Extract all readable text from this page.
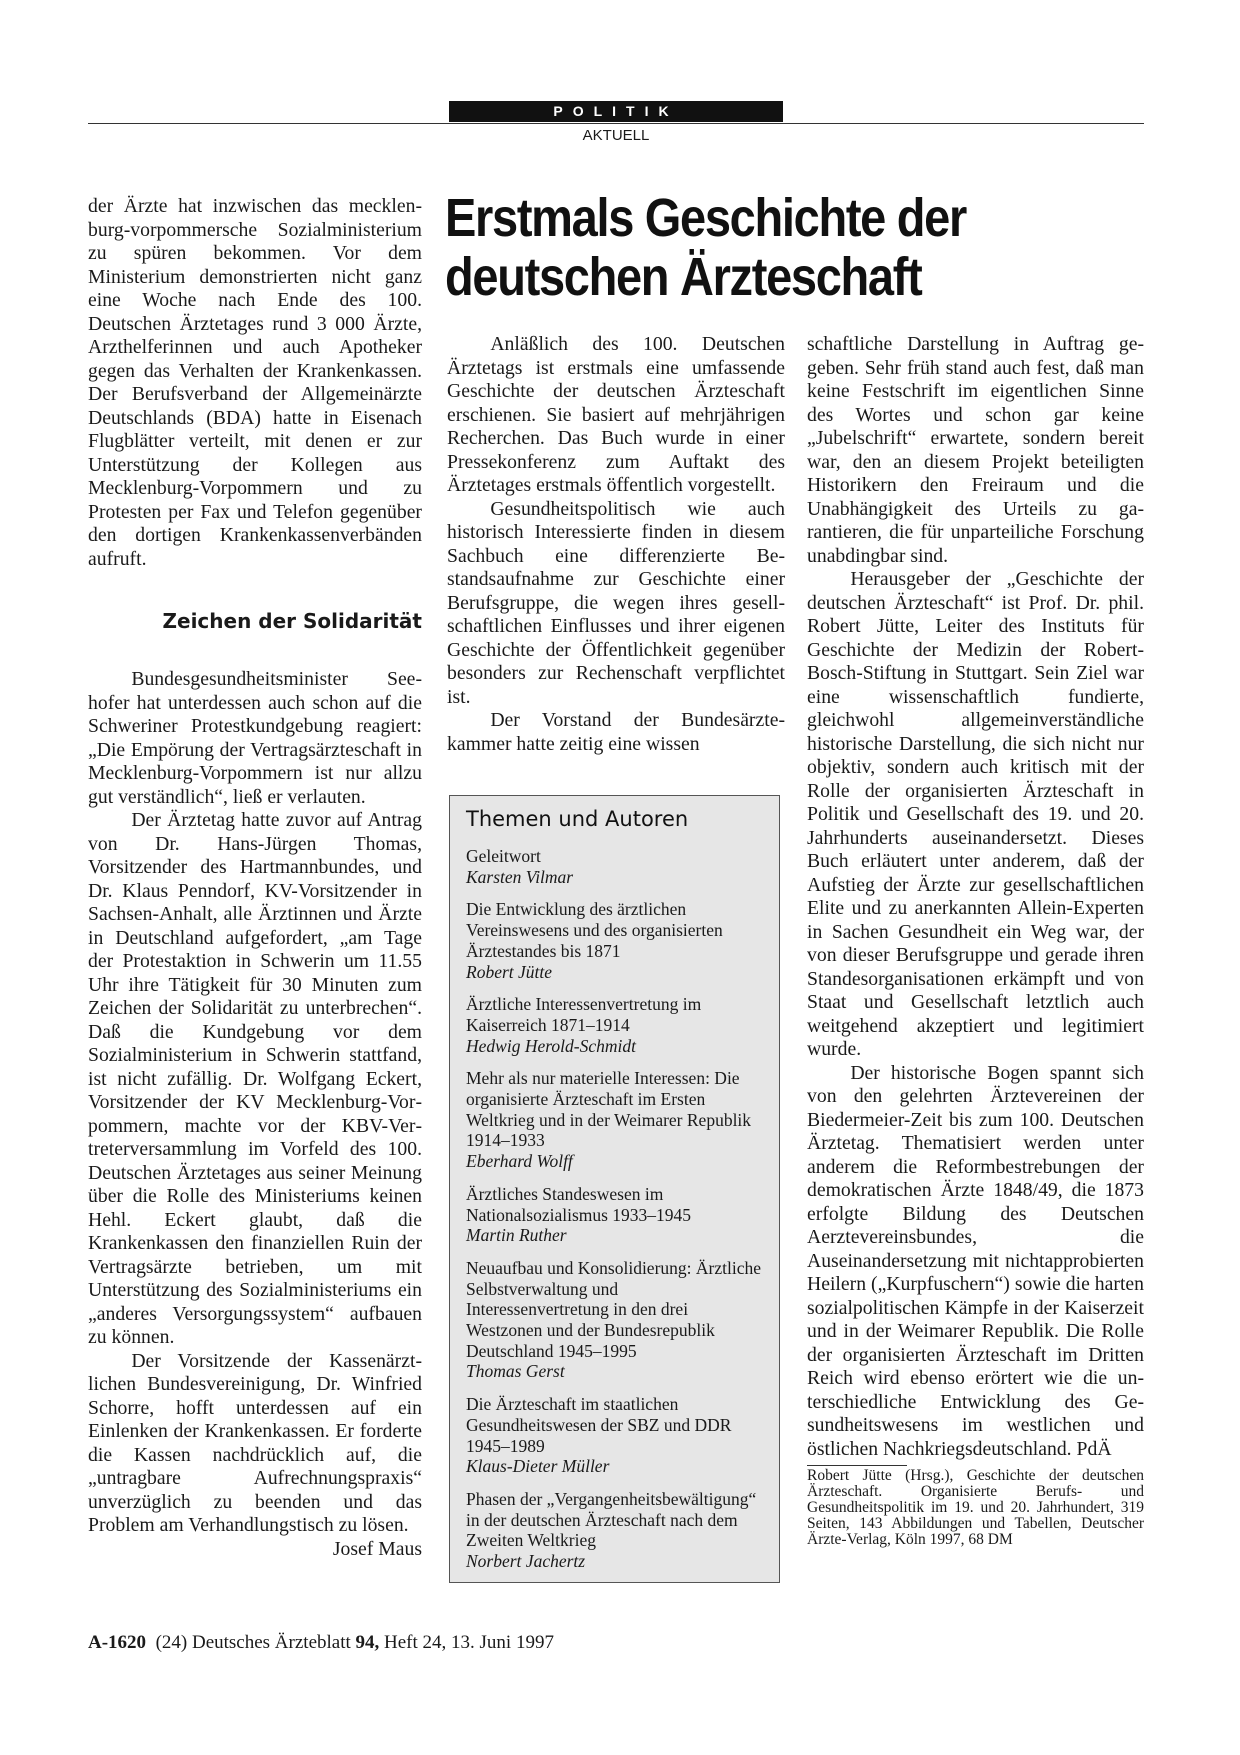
POLITIK
AKTUELL
Erstmals Geschichte der
deutschen Ärzteschaft

der Ärzte hat inzwischen das mecklenburg-vorpommersche Sozialministerium zu spüren bekommen. Vor dem Ministerium demonstrierten nicht ganz eine Woche nach Ende des 100. Deutschen Ärztetages rund 3 000 Ärzte, Arzthelferinnen und auch Apotheker gegen das Verhalten der Krankenkassen. Der Berufsverband der Allgemeinärzte Deutschlands (BDA) hatte in Eisenach Flugblätter verteilt, mit denen er zur Unterstützung der Kollegen aus Mecklenburg-Vorpommern und zu Protesten per Fax und Telefon gegenüber den dortigen Krankenkassenverbänden aufruft.

Zeichen der Solidarität

Bundesgesundheitsminister Seehofer hat unterdessen auch schon auf die Schweriner Protestkundgebung reagiert: „Die Empörung der Vertragsärzteschaft in Mecklenburg-Vorpommern ist nur allzu gut verständlich“, ließ er verlauten.

Der Ärztetag hatte zuvor auf Antrag von Dr. Hans-Jürgen Thomas, Vorsitzender des Hartmannbundes, und Dr. Klaus Penndorf, KV-Vorsitzender in Sachsen-Anhalt, alle Ärztinnen und Ärzte in Deutschland aufgefordert, „am Tage der Protestaktion in Schwerin um 11.55 Uhr ihre Tätigkeit für 30 Minuten zum Zeichen der Solidarität zu unterbrechen“. Daß die Kundgebung vor dem Sozialministerium in Schwerin stattfand, ist nicht zufällig. Dr. Wolfgang Eckert, Vorsitzender der KV Mecklenburg-Vorpommern, machte vor der KBV-Vertreterversammlung im Vorfeld des 100. Deutschen Ärztetages aus seiner Meinung über die Rolle des Ministeriums keinen Hehl. Eckert glaubt, daß die Krankenkassen den finanziellen Ruin der Vertragsärzte betrieben, um mit Unterstützung des Sozialministeriums ein „anderes Versorgungssystem“ aufbauen zu können.

Der Vorsitzende der Kassenärztlichen Bundesvereinigung, Dr. Winfried Schorre, hofft unterdessen auf ein Einlenken der Krankenkassen. Er forderte die Kassen nachdrücklich auf, die „untragbare Aufrechnungspraxis“ unverzüglich zu beenden und das Problem am Verhandlungstisch zu lösen.
Josef Maus

Anläßlich des 100. Deutschen Ärztetags ist erstmals eine umfassende Geschichte der deutschen Ärzteschaft erschienen. Sie basiert auf mehrjährigen Recherchen. Das Buch wurde in einer Pressekonferenz zum Auftakt des Ärztetages erstmals öffentlich vorgestellt.

Gesundheitspolitisch wie auch historisch Interessierte finden in diesem Sachbuch eine differenzierte Bestandsaufnahme zur Geschichte einer Berufsgruppe, die wegen ihres gesellschaftlichen Einflusses und ihrer eigenen Geschichte der Öffentlichkeit gegenüber besonders zur Rechenschaft verpflichtet ist.

Der Vorstand der Bundesärztekammer hatte zeitig eine wissen

Themen und Autoren
Geleitwort
Karsten Vilmar
Die Entwicklung des ärztlichen Vereinswesens und des organisierten Ärztestandes bis 1871
Robert Jütte
Ärztliche Interessenvertretung im Kaiserreich 1871–1914
Hedwig Herold-Schmidt
Mehr als nur materielle Interessen: Die organisierte Ärzteschaft im Ersten Weltkrieg und in der Weimarer Republik 1914–1933
Eberhard Wolff
Ärztliches Standeswesen im Nationalsozialismus 1933–1945
Martin Ruther
Neuaufbau und Konsolidierung: Ärztliche Selbstverwaltung und Interessenvertretung in den drei Westzonen und der Bundesrepublik Deutschland 1945–1995
Thomas Gerst
Die Ärzteschaft im staatlichen Gesundheitswesen der SBZ und DDR 1945–1989
Klaus-Dieter Müller
Phasen der „Vergangenheitsbewältigung“ in der deutschen Ärzteschaft nach dem Zweiten Weltkrieg
Norbert Jachertz

schaftliche Darstellung in Auftrag gegeben. Sehr früh stand auch fest, daß man keine Festschrift im eigentlichen Sinne des Wortes und schon gar keine „Jubelschrift“ erwartete, sondern bereit war, den an diesem Projekt beteiligten Historikern den Freiraum und die Unabhängigkeit des Urteils zu garantieren, die für unparteiliche Forschung unabdingbar sind.

Herausgeber der „Geschichte der deutschen Ärzteschaft“ ist Prof. Dr. phil. Robert Jütte, Leiter des Instituts für Geschichte der Medizin der Robert-Bosch-Stiftung in Stuttgart. Sein Ziel war eine wissenschaftlich fundierte, gleichwohl allgemeinverständliche historische Darstellung, die sich nicht nur objektiv, sondern auch kritisch mit der Rolle der organisierten Ärzteschaft in Politik und Gesellschaft des 19. und 20. Jahrhunderts auseinandersetzt. Dieses Buch erläutert unter anderem, daß der Aufstieg der Ärzte zur gesellschaftlichen Elite und zu anerkannten Allein-Experten in Sachen Gesundheit ein Weg war, der von dieser Berufsgruppe und gerade ihren Standesorganisationen erkämpft und von Staat und Gesellschaft letztlich auch weitgehend akzeptiert und legitimiert wurde.

Der historische Bogen spannt sich von den gelehrten Ärztevereinen der Biedermeier-Zeit bis zum 100. Deutschen Ärztetag. Thematisiert werden unter anderem die Reformbestrebungen der demokratischen Ärzte 1848/49, die 1873 erfolgte Bildung des Deutschen Aerztevereinsbundes, die Auseinandersetzung mit nichtapprobierten Heilern („Kurpfuschern“) sowie die harten sozialpolitischen Kämpfe in der Kaiserzeit und in der Weimarer Republik. Die Rolle der organisierten Ärzteschaft im Dritten Reich wird ebenso erörtert wie die unterschiedliche Entwicklung des Gesundheitswesens im westlichen und östlichen Nachkriegsdeutschland. PdÄ

Robert Jütte (Hrsg.), Geschichte der deutschen Ärzteschaft. Organisierte Berufs- und Gesundheitspolitik im 19. und 20. Jahrhundert, 319 Seiten, 143 Abbildungen und Tabellen, Deutscher Ärzte-Verlag, Köln 1997, 68 DM
A-1620 (24) Deutsches Ärzteblatt 94, Heft 24, 13. Juni 1997
